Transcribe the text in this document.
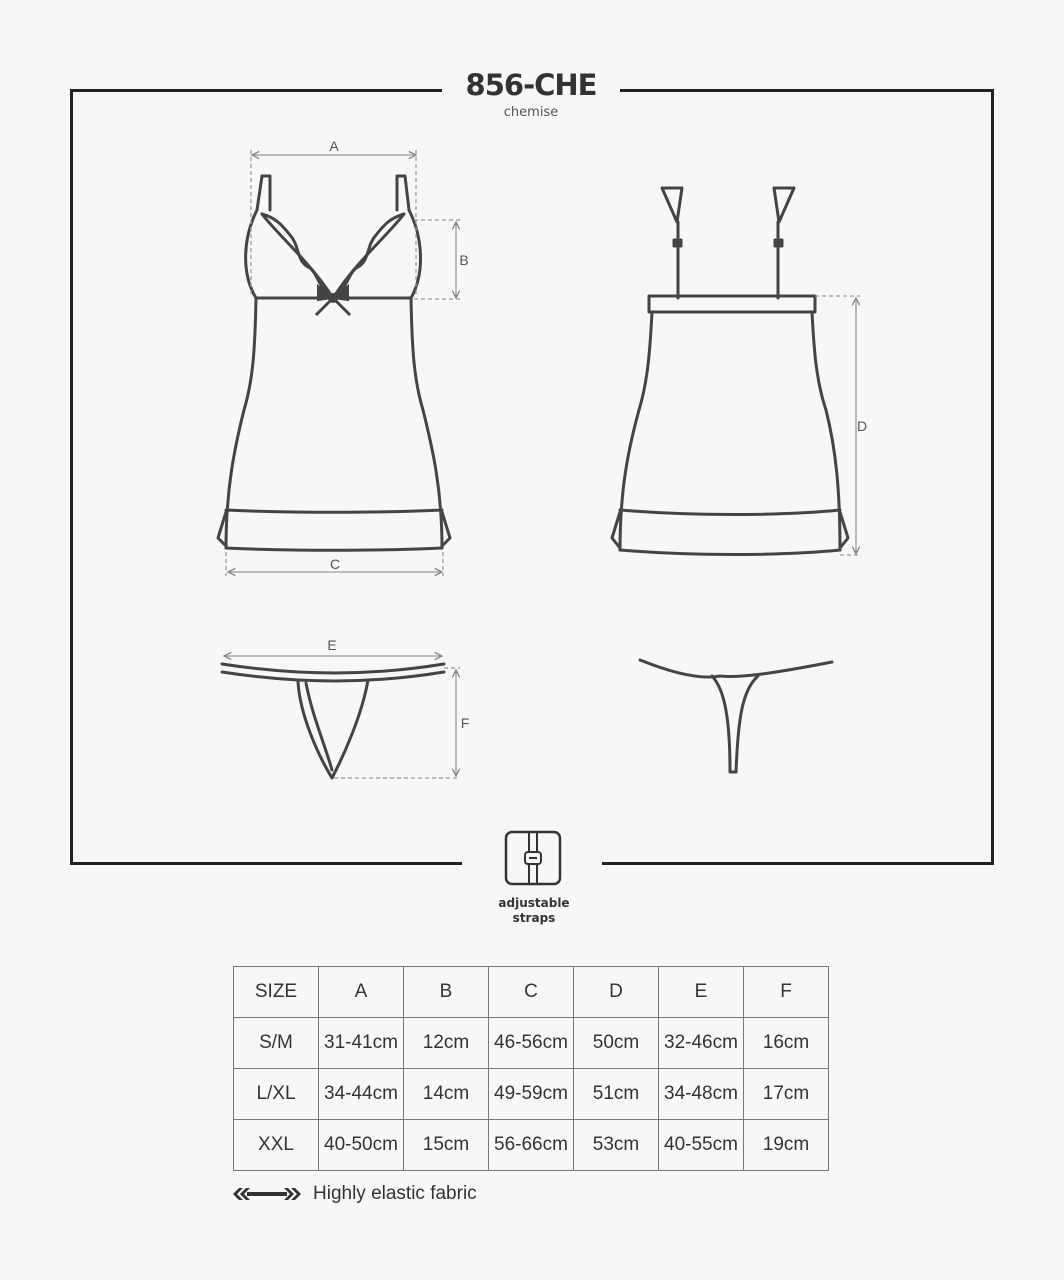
856-CHE
chemise
A
B
C
D
E
F
adjustable
straps
SIZE	A	B	C	D	E	F
S/M	31-41cm	12cm	46-56cm	50cm	32-46cm	16cm
L/XL	34-44cm	14cm	49-59cm	51cm	34-48cm	17cm
XXL	40-50cm	15cm	56-66cm	53cm	40-55cm	19cm
Highly elastic fabric
